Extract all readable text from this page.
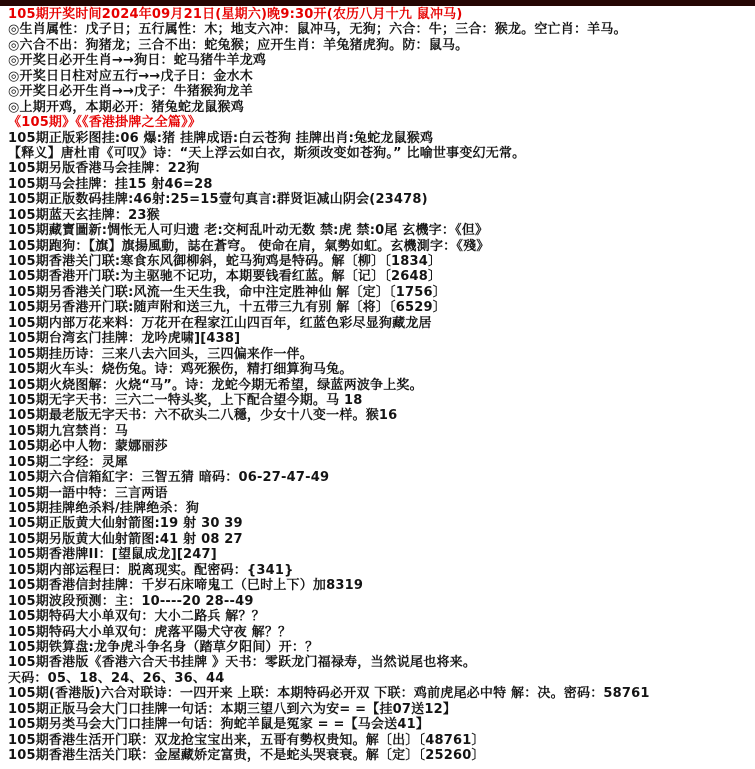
105期开奖时间2024年09月21日(星期六)晚9:30开(农历八月十九 鼠冲马)
◎生肖属性：戊子日；五行属性：木；地支六冲：鼠冲马，无狗；六合：牛；三合：猴龙。空亡肖：羊马。
◎六合不出：狗猪龙；三合不出：蛇兔猴；应开生肖：羊兔猪虎狗。防：鼠马。
◎开奖日必开生肖→→狗日：蛇马猪牛羊龙鸡
◎开奖日日柱对应五行→→戊子日：金水木
◎开奖日必开生肖→→戊子：牛猪猴狗龙羊
◎上期开鸡，本期必开：猪兔蛇龙鼠猴鸡
《105期》《《香港掛牌之全篇》》
105期正版彩图挂:06 爆:猪 挂牌成语:白云苍狗 挂牌出肖:兔蛇龙鼠猴鸡
【释义】唐杜甫《可叹》诗：“天上浮云如白衣，斯须改变如苍狗。” 比喻世事变幻无常。
105期另版香港马会挂牌：22狗
105期马会挂牌：挂15 射46=28
105期正版数码挂牌:46射:25=15壹句真言:群贤讵减山阴会(23478)
105期蓝天玄挂牌：23猴
105期藏寳圖新:惆怅无人可归遗 老:交柯乱叶动无数 禁:虎 禁:0尾 玄機字：《但》
105期跑狗：【旗】旗揚風動，誌在蒼穹。 使命在肩，氣勢如虹。玄機測字：《殘》
105期香港关门联:寒食东风御柳斜，蛇马狗鸡是特码。解〔柳〕〔1834〕
105期香港开门联:为主驱驰不记功，本期要钱看红蓝。解〔记〕〔2648〕
105期另香港关门联:风流一生天生我，命中注定胜神仙 解〔定〕〔1756〕
105期另香港开门联:随声附和送三九，十五带三九有别 解〔将〕〔6529〕
105期内部万花来料：万花开在程家江山四百年，红蓝色彩尽显狗藏龙居
105期台湾玄门挂牌：龙吟虎啸][438]
105期挂历诗：三来八去六回头，三四偏来作一伴。
105期火车头：烧伤兔。诗：鸡死猴伤，精打细算狗马兔。
105期火烧图解：火烧“马”。诗：龙蛇今期无希望，绿蓝两波争上奖。
105期无字天书：三六二一特头奖，上下配合望今期。马 18
105期最老版无字天书：六不砍头二八穩，少女十八变一样。猴16
105期九宫禁肖：马
105期必中人物：蒙娜丽莎
105期二字经：灵犀
105期六合信箱紅字：三智五猜 暗码：06-27-47-49
105期一語中特：三言两语
105期挂牌绝杀料/挂牌绝杀：狗
105期正版黄大仙射箭图:19 射 30 39
105期另版黄大仙射箭图:41 射 08 27
105期香港牌II：[望鼠成龙][247]
105期内部运程曰：脱离现实。配密码：{341}
105期香港信封挂牌：千岁石床啼鬼工（巳时上下）加8319
105期波段预测：主：10----20 28--49
105期特码大小单双句：大小二路兵 解？？
105期特码大小单双句：虎落平陽犬守夜 解？？
105期铁算盘:龙争虎斗争名身（踏草夕阳间）开：？
105期香港版《香港六合天书挂牌 》天书：零跃龙门福禄寿，当然说尾也将来。
天码：05、18、24、26、36、44
105期(香港版)六合对联诗：一四开来 上联：本期特码必开双 下联：鸡前虎尾必中特 解：决。密码：58761
105期正版马会大门口挂牌一句话：本期三望八到六为安= =【挂07送12】
105期另类马会大门口挂牌一句话：狗蛇羊鼠是冤家 = =【马会送41】
105期香港生活开门联：双龙抢宝宝出来，五哥有勢权贵知。解〔出〕〔48761〕
105期香港生活关门联：金屋藏娇定富贵，不是蛇头哭衰衰。解〔定〕〔25260〕
